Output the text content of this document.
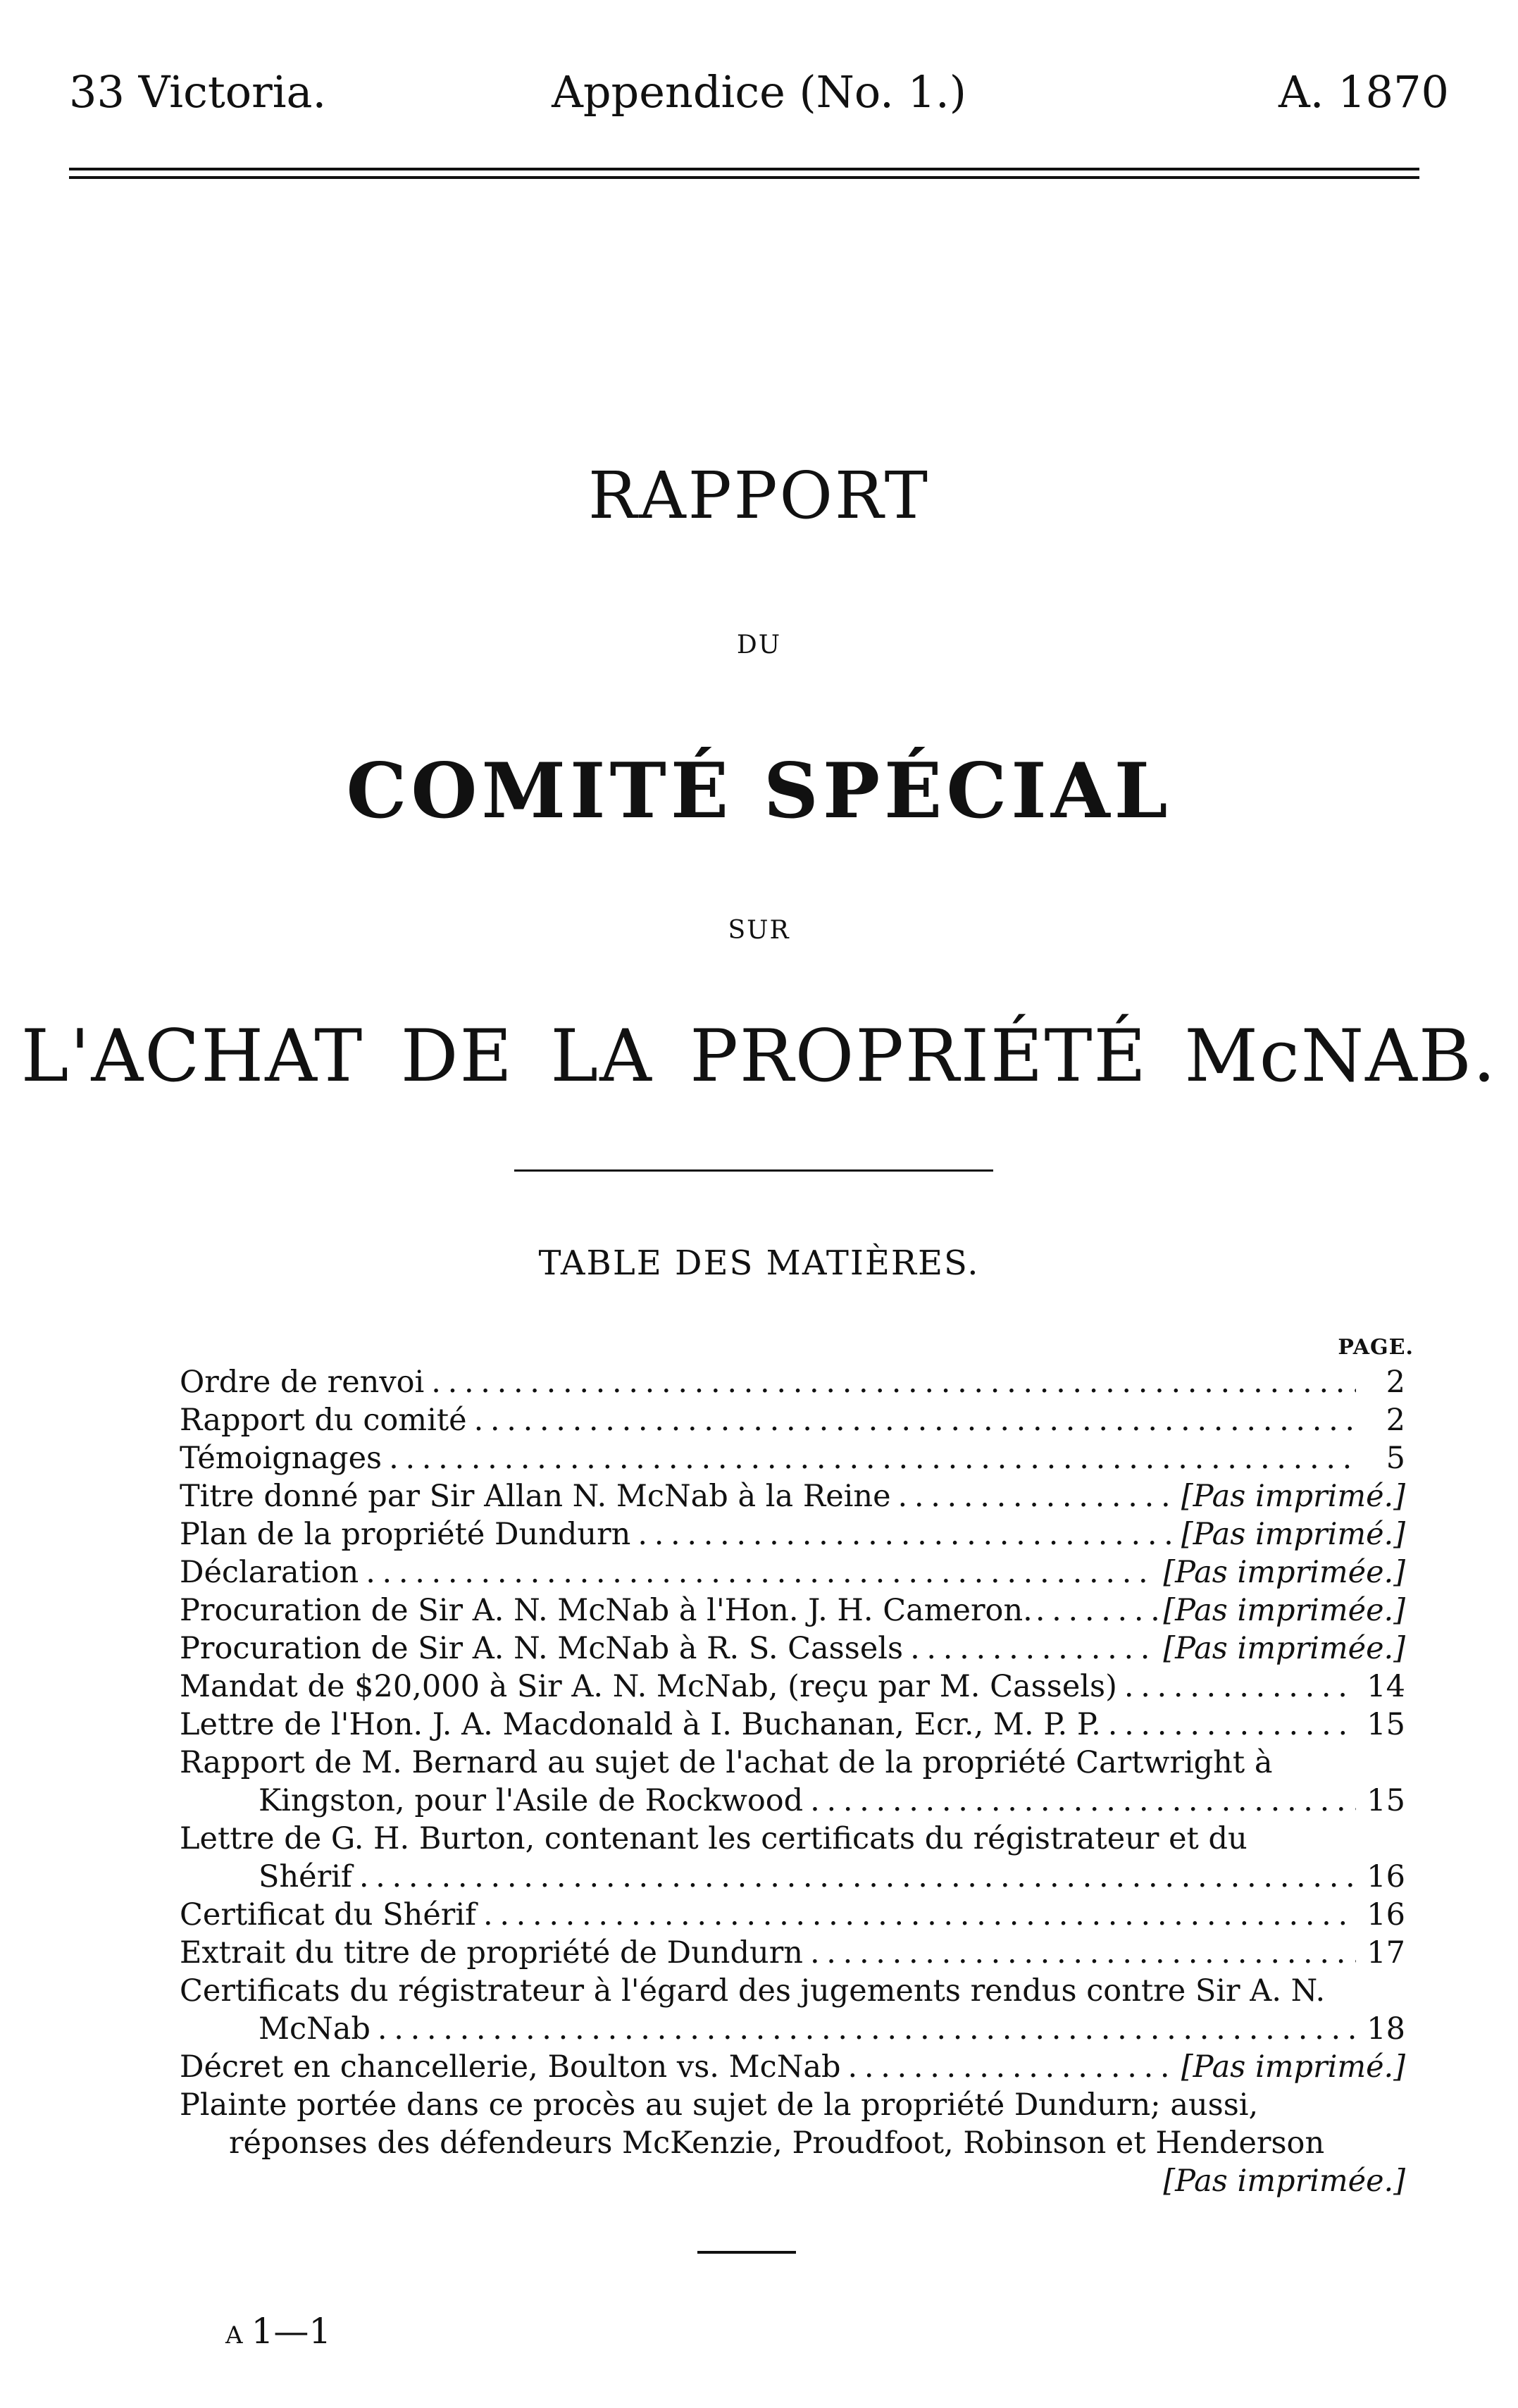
33 Victoria.	Appendice (No. 1.)	A. 1870
RAPPORT
DU
COMITÉ SPÉCIAL
SUR
L'ACHAT DE LA PROPRIÉTÉ McNAB.
TABLE DES MATIÈRES.
PAGE.
Ordre de renvoi . . .	2
Rapport du comité . . .	2
Témoignages . . .	5
Titre donné par Sir Allan N. McNab à la Reine . . .	[Pas imprimé.]
Plan de la propriété Dundurn . . .	[Pas imprimé.]
Déclaration . . .	[Pas imprimée.]
Procuration de Sir A. N. McNab à l'Hon. J. H. Cameron. . . .	[Pas imprimée.]
Procuration de Sir A. N. McNab à R. S. Cassels . . .	[Pas imprimée.]
Mandat de $20,000 à Sir A. N. McNab, (reçu par M. Cassels) . . .	14
Lettre de l'Hon. J. A. Macdonald à I. Buchanan, Ecr., M. P. P. . . .	15
Rapport de M. Bernard au sujet de l'achat de la propriété Cartwright à
Kingston, pour l'Asile de Rockwood . . .	15
Lettre de G. H. Burton, contenant les certificats du régistrateur et du
Shérif . . .	16
Certificat du Shérif . . .	16
Extrait du titre de propriété de Dundurn . . .	17
Certificats du régistrateur à l'égard des jugements rendus contre Sir A. N.
McNab . . .	18
Décret en chancellerie, Boulton vs. McNab . . .	[Pas imprimé.]
Plainte portée dans ce procès au sujet de la propriété Dundurn; aussi,
réponses des défendeurs McKenzie, Proudfoot, Robinson et Henderson
[Pas imprimée.]
A 1—1
